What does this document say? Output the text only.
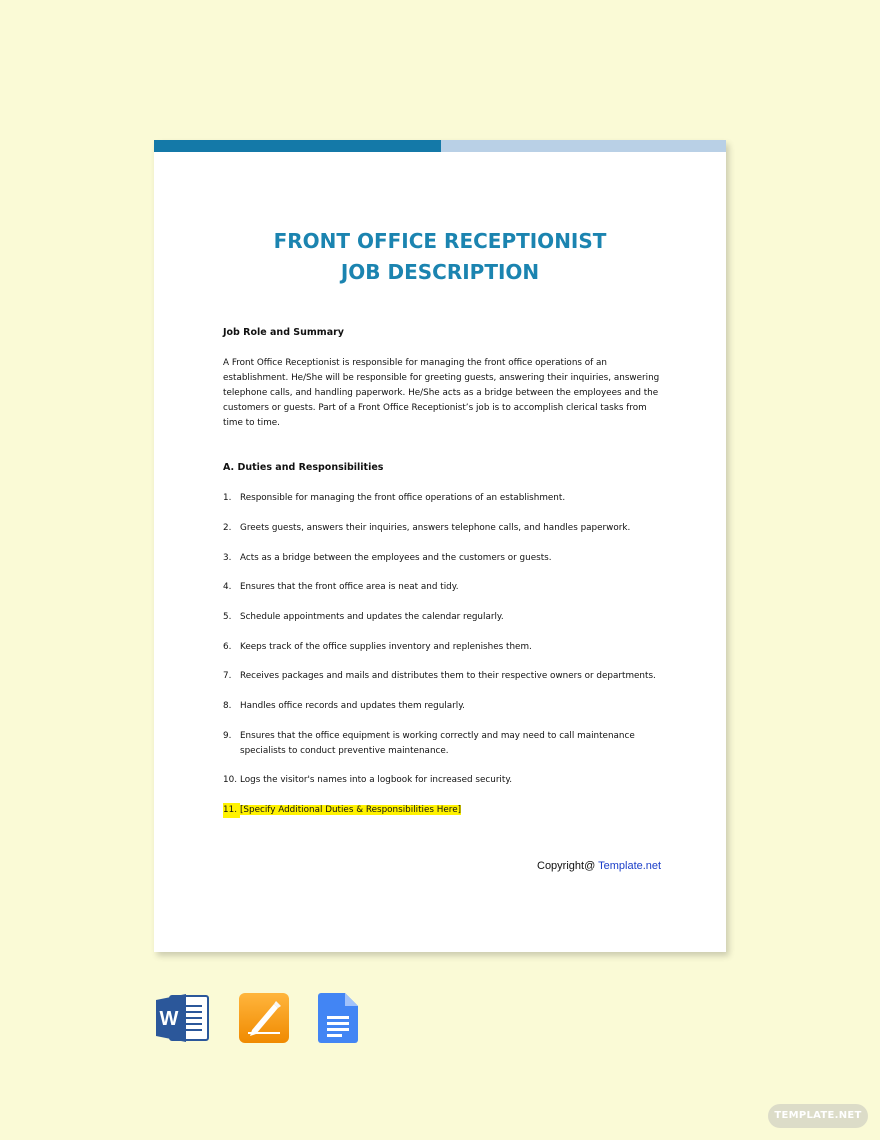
FRONT OFFICE RECEPTIONIST
JOB DESCRIPTION
Job Role and Summary
A Front Office Receptionist is responsible for managing the front office operations of an establishment. He/She will be responsible for greeting guests, answering their inquiries, answering telephone calls, and handling paperwork. He/She acts as a bridge between the employees and the customers or guests. Part of a Front Office Receptionist’s job is to accomplish clerical tasks from time to time.
A. Duties and Responsibilities
1. Responsible for managing the front office operations of an establishment.
2. Greets guests, answers their inquiries, answers telephone calls, and handles paperwork.
3. Acts as a bridge between the employees and the customers or guests.
4. Ensures that the front office area is neat and tidy.
5. Schedule appointments and updates the calendar regularly.
6. Keeps track of the office supplies inventory and replenishes them.
7. Receives packages and mails and distributes them to their respective owners or departments.
8. Handles office records and updates them regularly.
9. Ensures that the office equipment is working correctly and may need to call maintenance specialists to conduct preventive maintenance.
10. Logs the visitor's names into a logbook for increased security.
11. [Specify Additional Duties & Responsibilities Here]
Copyright@ Template.net
W
TEMPLATE.NET
